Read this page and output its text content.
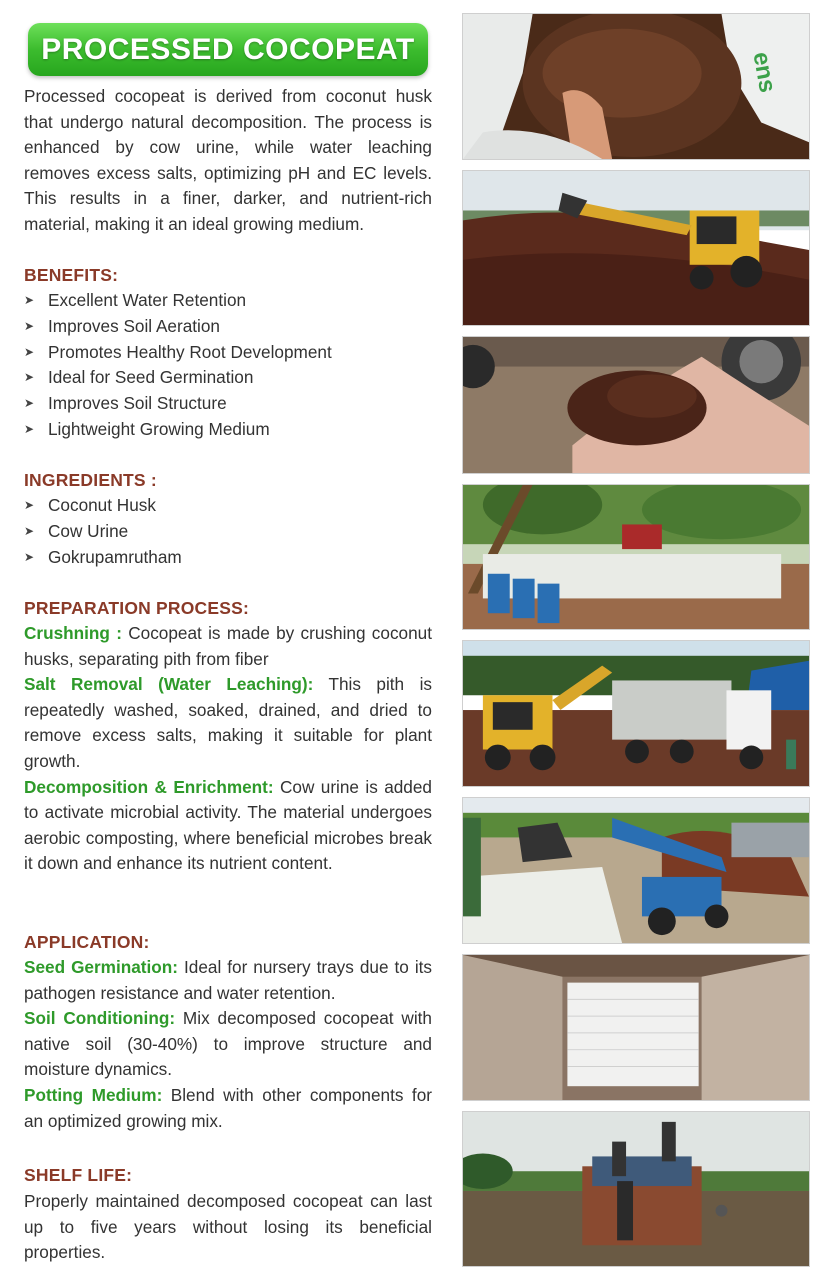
PROCESSED COCOPEAT

Processed cocopeat is derived from coconut husk that undergo natural decomposition. The process is enhanced by cow urine, while water leaching removes excess salts, optimizing pH and EC levels. This results in a finer, darker, and nutrient-rich material, making it an ideal growing medium.

BENEFITS:
➤ Excellent Water Retention
➤ Improves Soil Aeration
➤ Promotes Healthy Root Development
➤ Ideal for Seed Germination
➤ Improves Soil Structure
➤ Lightweight Growing Medium
INGREDIENTS :
➤ Coconut Husk
➤ Cow Urine
➤ Gokrupamrutham
PREPARATION PROCESS:

Crushning : Cocopeat is made by crushing coconut husks, separating pith from fiber

Salt Removal (Water Leaching): This pith is repeatedly washed, soaked, drained, and dried to remove excess salts, making it suitable for plant growth.

Decomposition & Enrichment: Cow urine is added to activate microbial activity. The material undergoes aerobic composting, where beneficial microbes break it down and enhance its nutrient content.

APPLICATION:

Seed Germination: Ideal for nursery trays due to its pathogen resistance and water retention.

Soil Conditioning: Mix decomposed cocopeat with native soil (30-40%) to improve structure and moisture dynamics.

Potting Medium: Blend with other components for an optimized growing mix.

SHELF LIFE:

Properly maintained decomposed cocopeat can last up to five years without losing its beneficial properties.

ens
